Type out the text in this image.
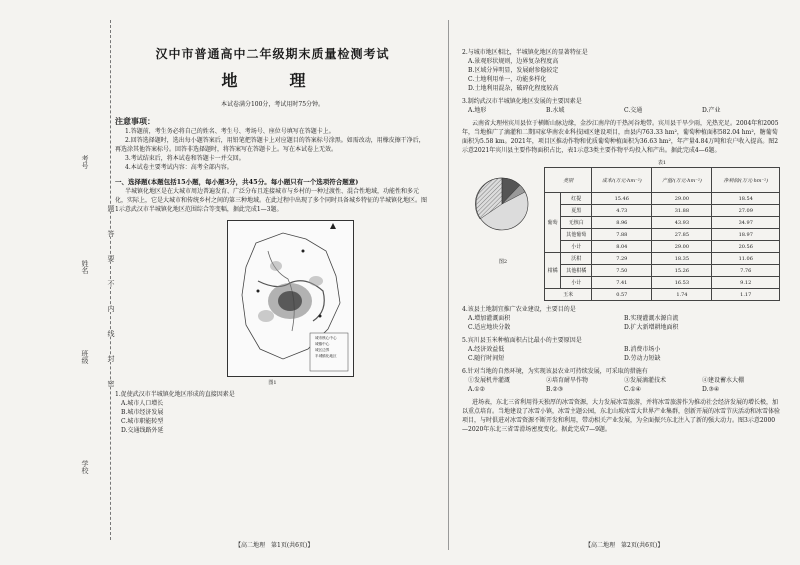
学校
班级
姓名
考号
密
封
线
内
不
要
答
题
汉中市普通高中二年级期末质量检测考试
地　理
本试卷满分100分，考试用时75分钟。
注意事项：
1.答题前，考生务必将自己的姓名、考生号、考场号、座位号填写在答题卡上。
2.回答选择题时，选出每小题答案后，用铅笔把答题卡上对应题目的答案标号涂黑。如需改动，用橡皮擦干净后，再选涂其他答案标号。回答非选择题时，将答案写在答题卡上。写在本试卷上无效。
3.考试结束后，将本试卷和答题卡一并交回。
4.本试卷主要考试内容：高考全部内容。
一、选择题(本题包括15小题，每小题3分，共45分。每小题只有一个选项符合题意)
半城镇化地区是在大城市周边普遍发育、广泛分布且连接城市与乡村的一种过渡性、混合性地域，功能性和多元化，实际上，它是大城市和传统乡村之间的第三种地域。在此过程中出现了多个同时具备城乡特征的半城镇化地区。图1示意武汉市半城镇化地区范围综合等变幅，据此完成1—3题。
城市核心中心
城镇中心
城区边界
半城镇化地区
图1
1.促使武汉市半城镇化地区形成的直接因素是
A.城市人口增长
B.城市经济发展
C.城市职能转型
D.交通线路外延
【高二地理　第1页(共6页)】
2.与城市地区相比，半城镇化地区的显著特征是
A.景观形状规则，边界复杂程度高
B.区域分异明显，发展耐参稳较定
C.土地利用单一，功能多样化
D.土地利用混杂，破碎化程度较高
3.制约武汉市半城镇化地区发展的主要因素是
A.地形	B.水域	C.交通	D.产业
云南省大理州宾川县位于横断山脉边缘，金沙江南岸的干热河谷地带。宾川县干旱少雨，光热充足。2004年和2005年，当地推广了滴灌和二期国家华南农业科技园区建设项目，由县内763.33 hm²，葡萄种植面积582.04 hm²，糖葡萄面积为5.58 km。2021年，项目区推动作物和优质葡萄种植面积为36.63 hm²，年产量4.84万吨和农户收入提高。图2示意2021年宾川县主要作物面积占比，表1示意3类主要作物平均投入和产出。据此完成4—6题。
图2
表1
类别		成本/(万元·hm⁻²)	产值/(万元·hm⁻²)	净利润/(万元·hm⁻²)
葡萄	红提	15.46	29.00	18.54
	夏黑	4.73	31.88	27.09
	无核白	8.96	43.93	34.97
	其他葡萄	7.88	27.85	18.97
	小计	8.04	29.00	20.56
柑橘	沃柑	7.29	18.35	11.06
	其他柑橘	7.50	15.26	7.76
	小计	7.41	16.53	9.12
玉米		0.57	1.74	1.17
4.该县土地制宜推广农业建设，主要目的是
A.增加灌溉面积	B.实现灌溉水源自流
C.适应地块分散	D.扩大新增耕地面积
5.宾川县玉米种植面积占比最小的主要原因是
A.经济效益低	B.消费市场小
C.随行时间短	D.劳动力短缺
6.针对当地的自然环境，为实现该县农业可持续发展，可采取的措施有
①发展机井灌溉	②培育耐旱作物	③发展滴灌技术	④建设蓄水大棚
A.①②	B.②③	C.①④	D.③④
进场表，东北三省利用得天独厚的冰雪资源，大力发展冰雪旅游，并将冰雪旅游作为推动社会经济发展的增长极，加以重点培育。当地建设了冰雪小镇，冰雪主题公园，东北山坡冰雪大世界产业集群，创新开展的冰雪节庆活动和冰雪体验项目，与时俱进对冰雪资源不断开发和利用，带动相关产业发展，为全面振兴东北注入了新的强大动力。图3示意2000—2020年东北三省雪滑场密度变化。据此完成7—9题。
【高二地理　第2页(共6页)】
